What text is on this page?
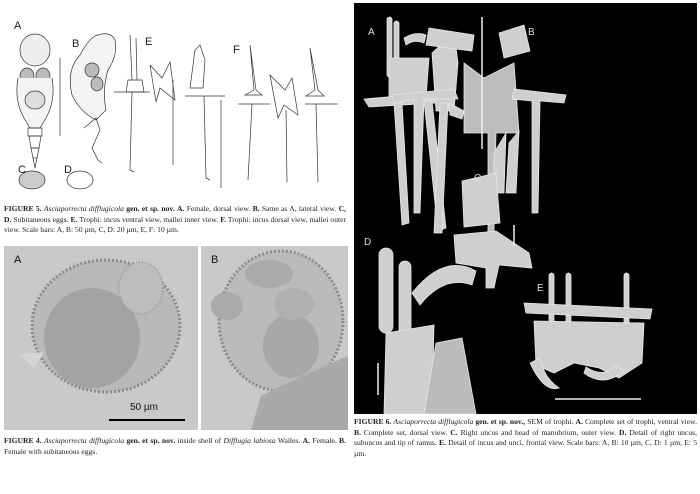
A
B
C	D
E
F
FIGURE 5. Asciaporrecta difflugicola gen. et sp. nov. A. Female, dorsal view. B. Same as A, lateral view. C, D. Subitaneous eggs. E. Trophi: incus ventral view, mallei inner view. F. Trophi: incus dorsal view, mallei outer view. Scale bars: A, B: 50 µm, C, D: 20 µm, E, F: 10 µm.
A
50 µm
B
FIGURE 4. Asciaporrecta difflugicola gen. et sp. nov. inside shell of Difflugia labiosa Wailes. A. Female. B. Female with subitaneous eggs.
A	B
C
D
E
FIGURE 6. Asciaporrecta difflugicola gen. et sp. nov., SEM of trophi. A. Complete set of trophi, ventral view. B. Complete set, dorsal view. C. Right uncus and head of manubrium, outer view. D. Detail of right uncus, subuncus and tip of ramus. E. Detail of incus and unci, frontal view. Scale bars: A, B: 10 µm, C, D: 1 µm, E: 5 µm.
